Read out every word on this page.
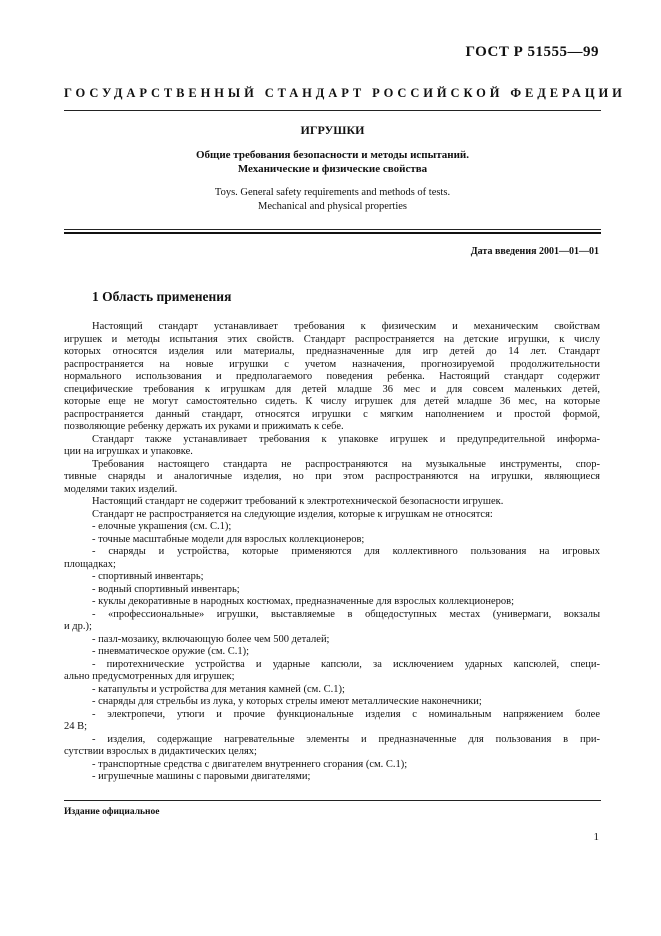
ГОСТ Р 51555—99
ГОСУДАРСТВЕННЫЙ СТАНДАРТ РОССИЙСКОЙ ФЕДЕРАЦИИ
ИГРУШКИ
Общие требования безопасности и методы испытаний.
Механические и физические свойства
Toys. General safety requirements and methods of tests.
Mechanical and physical properties
Дата введения 2001—01—01
1 Область применения
Настоящий стандарт устанавливает требования к физическим и механическим свойствам
игрушек и методы испытания этих свойств. Стандарт распространяется на детские игрушки, к числу
которых относятся изделия или материалы, предназначенные для игр детей до 14 лет. Стандарт
распространяется на новые игрушки с учетом назначения, прогнозируемой продолжительности
нормального использования и предполагаемого поведения ребенка. Настоящий стандарт содержит
специфические требования к игрушкам для детей младше 36 мес и для совсем маленьких детей,
которые еще не могут самостоятельно сидеть. К числу игрушек для детей младше 36 мес, на которые
распространяется данный стандарт, относятся игрушки с мягким наполнением и простой формой,
позволяющие ребенку держать их руками и прижимать к себе.
Стандарт также устанавливает требования к упаковке игрушек и предупредительной информа-
ции на игрушках и упаковке.
Требования настоящего стандарта не распространяются на музыкальные инструменты, спор-
тивные снаряды и аналогичные изделия, но при этом распространяются на игрушки, являющиеся
моделями таких изделий.
Настоящий стандарт не содержит требований к электротехнической безопасности игрушек.
Стандарт не распространяется на следующие изделия, которые к игрушкам не относятся:
- елочные украшения (см. С.1);
- точные масштабные модели для взрослых коллекционеров;
- снаряды и устройства, которые применяются для коллективного пользования на игровых
площадках;
- спортивный инвентарь;
- водный спортивный инвентарь;
- куклы декоративные в народных костюмах, предназначенные для взрослых коллекционеров;
- «профессиональные» игрушки, выставляемые в общедоступных местах (универмаги, вокзалы
и др.);
- пазл-мозаику, включающую более чем 500 деталей;
- пневматическое оружие (см. С.1);
- пиротехнические устройства и ударные капсюли, за исключением ударных капсюлей, специ-
ально предусмотренных для игрушек;
- катапульты и устройства для метания камней (см. С.1);
- снаряды для стрельбы из лука, у которых стрелы имеют металлические наконечники;
- электропечи, утюги и прочие функциональные изделия с номинальным напряжением более
24 В;
- изделия, содержащие нагревательные элементы и предназначенные для пользования в при-
сутствии взрослых в дидактических целях;
- транспортные средства с двигателем внутреннего сгорания (см. С.1);
- игрушечные машины с паровыми двигателями;
Издание официальное
1
